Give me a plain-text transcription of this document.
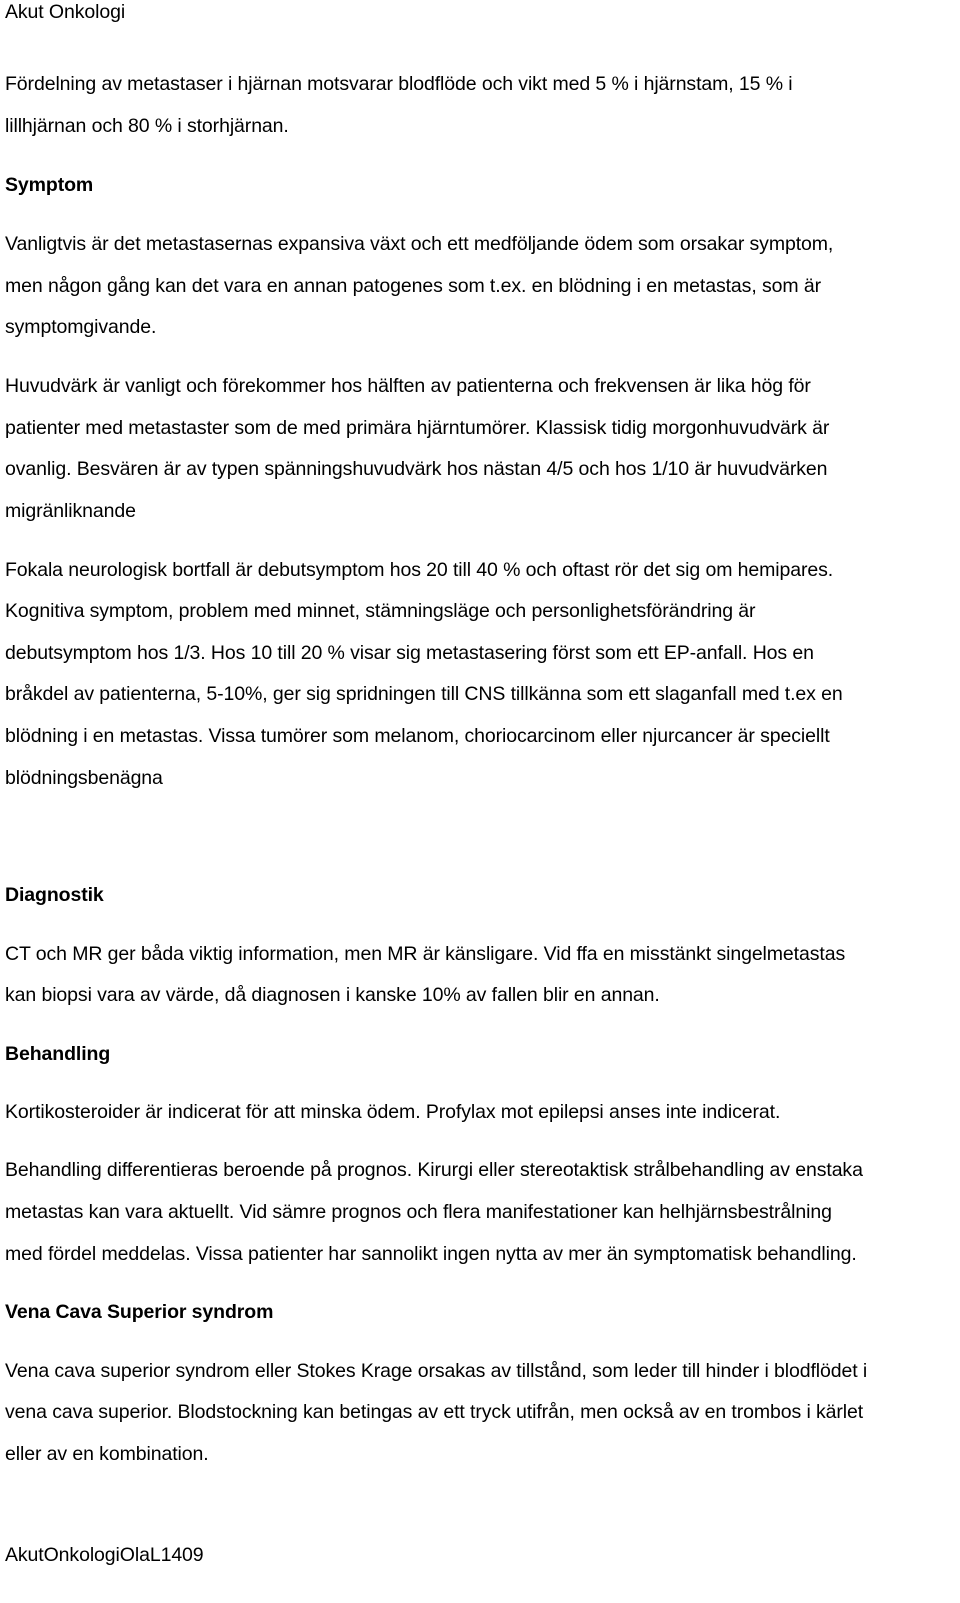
Akut Onkologi
Fördelning av metastaser i hjärnan motsvarar blodflöde och vikt med 5 % i hjärnstam, 15 % i
lillhjärnan och 80 % i storhjärnan.
Symptom
Vanligtvis är det metastasernas expansiva växt och ett medföljande ödem som orsakar symptom,
men någon gång kan det vara en annan patogenes som t.ex. en blödning i en metastas, som är
symptomgivande.
Huvudvärk är vanligt och förekommer hos hälften av patienterna och frekvensen är lika hög för
patienter med metastaster som de med primära hjärntumörer. Klassisk tidig morgonhuvudvärk är
ovanlig. Besvären är av typen spänningshuvudvärk hos nästan 4/5 och hos 1/10 är huvudvärken
migränliknande
Fokala neurologisk bortfall är debutsymptom hos 20 till 40 % och oftast rör det sig om hemipares.
Kognitiva symptom, problem med minnet, stämningsläge och personlighetsförändring är
debutsymptom hos 1/3. Hos 10 till 20 % visar sig metastasering först som ett EP-anfall. Hos en
bråkdel av patienterna, 5-10%, ger sig spridningen till CNS tillkänna som ett slaganfall med t.ex en
blödning i en metastas. Vissa tumörer som melanom, choriocarcinom eller njurcancer är speciellt
blödningsbenägna
Diagnostik
CT och MR ger båda viktig information, men MR är känsligare. Vid ffa en misstänkt singelmetastas
kan biopsi vara av värde, då diagnosen i kanske 10% av fallen blir en annan.
Behandling
Kortikosteroider är indicerat för att minska ödem. Profylax mot epilepsi anses inte indicerat.
Behandling differentieras beroende på prognos. Kirurgi eller stereotaktisk strålbehandling av enstaka
metastas kan vara aktuellt. Vid sämre prognos och flera manifestationer kan helhjärnsbestrålning
med fördel meddelas. Vissa patienter har sannolikt ingen nytta av mer än symptomatisk behandling.
Vena Cava Superior syndrom
Vena cava superior syndrom eller Stokes Krage orsakas av tillstånd, som leder till hinder i blodflödet i
vena cava superior. Blodstockning kan betingas av ett tryck utifrån, men också av en trombos i kärlet
eller av en kombination.
AkutOnkologiOlaL1409
